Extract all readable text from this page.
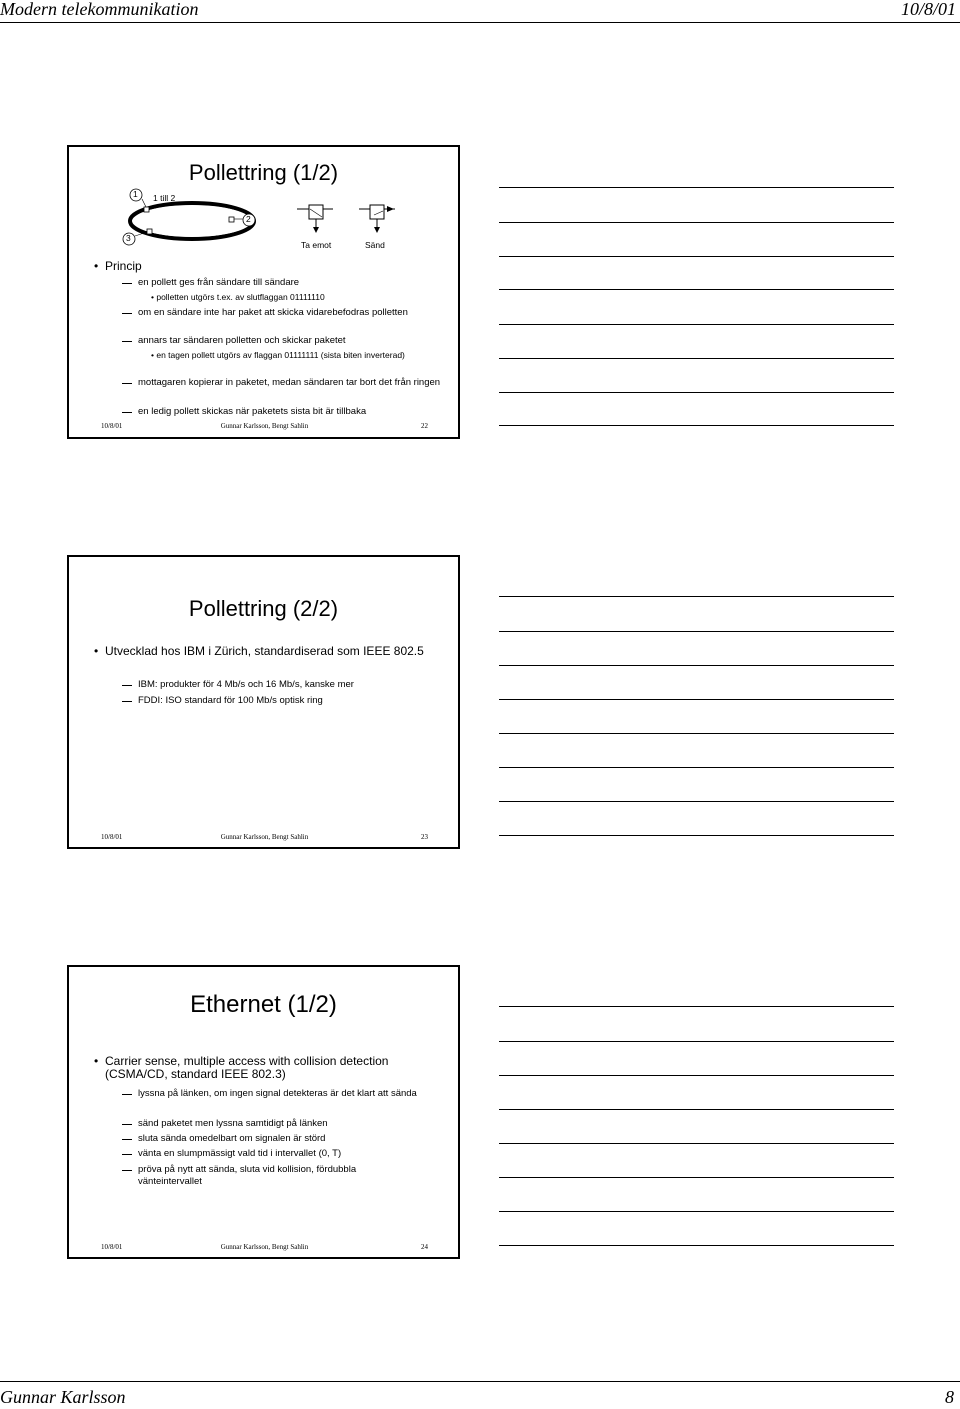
Modern telekommunikation	10/8/01
1 1 till 2
2
3
Ta emot	Sänd
Pollettring (1/2)
• Princip
en pollett ges från sändare till sändare
• polletten utgörs t.ex. av slutflaggan 01111110
om en sändare inte har paket att skicka vidarebefodras polletten
annars tar sändaren polletten och skickar paketet
• en tagen pollett utgörs av flaggan 01111111 (sista biten inverterad)
mottagaren kopierar in paketet, medan sändaren tar bort det från ringen
en ledig pollett skickas när paketets sista bit är tillbaka
10/8/01	Gunnar Karlsson, Bengt Sahlin	22
Pollettring (2/2)
• Utvecklad hos IBM i Zürich, standardiserad som IEEE 802.5
IBM: produkter för 4 Mb/s och 16 Mb/s, kanske mer
FDDI: ISO standard för 100 Mb/s optisk ring
10/8/01	Gunnar Karlsson, Bengt Sahlin	23
Ethernet (1/2)
• Carrier sense, multiple access with collision detection (CSMA/CD, standard IEEE 802.3)
lyssna på länken, om ingen signal detekteras är det klart att sända
sänd paketet men lyssna samtidigt på länken
sluta sända omedelbart om signalen är störd
vänta en slumpmässigt vald tid i intervallet (0, T)
pröva på nytt att sända, sluta vid kollision, fördubbla vänteintervallet
10/8/01	Gunnar Karlsson, Bengt Sahlin	24
Gunnar Karlsson	8
